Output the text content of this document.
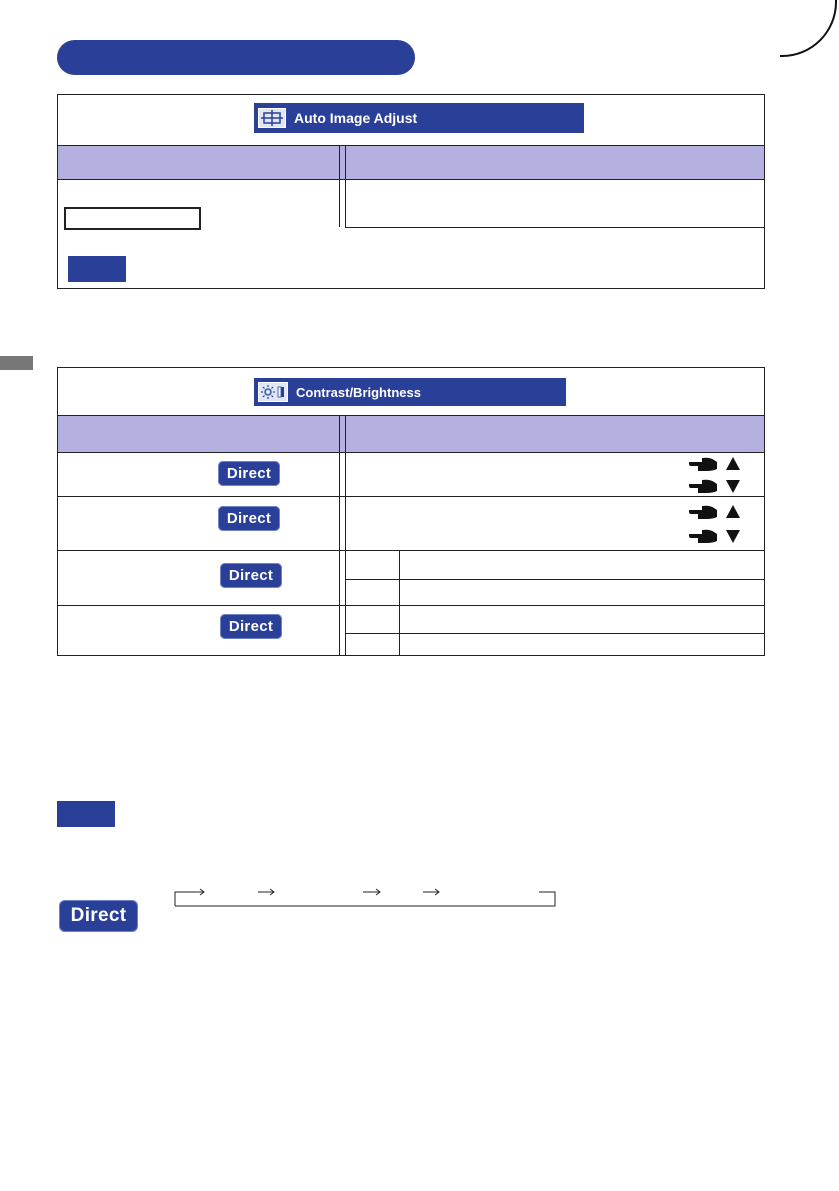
Auto Image Adjust
Contrast/Brightness
Direct
Direct
Direct
Direct
Direct
